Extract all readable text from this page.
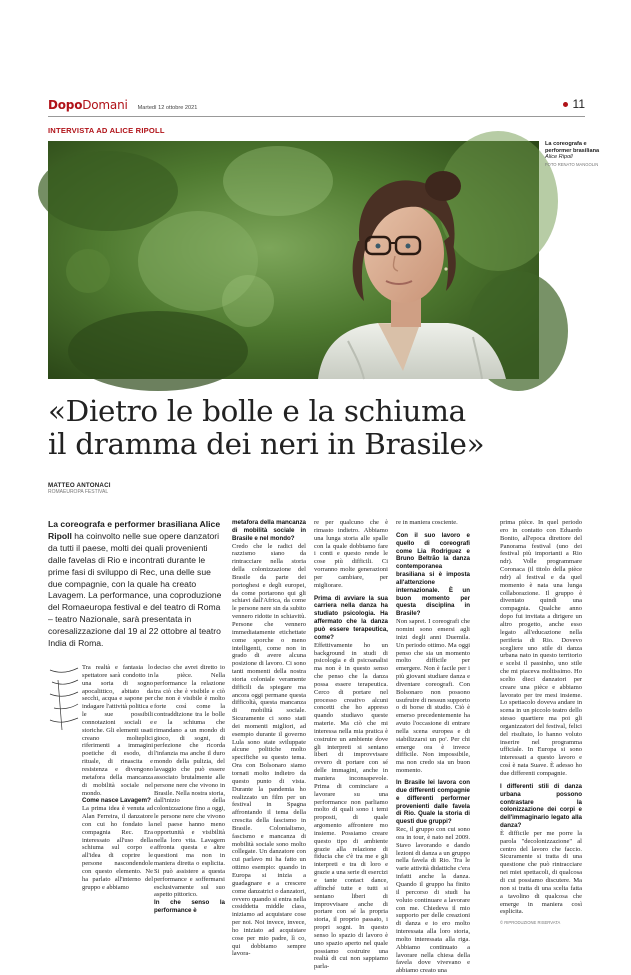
DopoDomani Martedì 12 ottobre 2021	11
INTERVISTA AD ALICE RIPOLL
La coreografa e performer brasiliana
Alice Ripoll
FOTO RENATO MANGOLIN
«Dietro le bolle e la schiuma
il dramma dei neri in Brasile»
MATTEO ANTONACI
ROMAEUROPA FESTIVAL

La coreografa e performer brasiliana Alice Ripoll ha coinvolto nelle sue opere danzatori da tutti il paese, molti dei quali provenienti dalle favelas di Rio e incontrati durante le prime fasi di sviluppo di Rec, una delle sue due compagnie, con la quale ha creato Lavagem. La performance, una coproduzione del Romaeuropa festival e del teatro di Roma – teatro Nazionale, sarà presentata in coresalizzazione dal 19 al 22 ottobre al teatro India di Roma.

Tra realtà e fantasia lo spettatore sarà condotto in una sorta di sogno apocalittico, abitato da secchi, acqua e sapone per indagare l'attività politica e le sue possibili connotazioni sociali e storiche. Gli elementi usati creano molteplici riferimenti a immagini poetiche di esodo, di rituale, di rinascita e resistenza e divengono metafora della mancanza di mobilità sociale nel mondo.

Come nasce Lavagem?

La prima idea è venuta ad Alan Ferreira, il danzatore con cui ho fondato la compagnia Rec. Era interessato all'uso della schiuma sul corpo e all'idea di coprire le persone nascondendole con questo elemento. Ne ha parlato all'interno del gruppo e abbiamo

deciso che avrei diretto io la pièce. Nella performance la relazione tra ciò che è visibile e ciò che non è visibile è molto forte così come la contraddizione tra le bolle e la schiuma che rimandano a un mondo di gioco, di sogni, di perfezione che ricorda l'infanzia ma anche il duro mondo della pulizia, del lavaggio che può essere associato brutalmente alle persone nere che vivono in Brasile. Nella nostra storia, dall'inizio della colonizzazione fino a oggi, le persone nere che vivono nel paese hanno meno opportunità e visibilità nella loro vita. Lavagem affronta questa e altre questioni ma non in maniera diretta o esplicita. Si può assistere a questa performance e soffermarsi esclusivamente sul suo aspetto pittorico.

In che senso la performance è

metafora della mancanza di mobilità sociale in Brasile e nel mondo?

Credo che le radici del razzismo siano da rintracciare nella storia della colonizzazione del Brasile da parte dei portoghesi e degli europei, da come portarono qui gli schiavi dall'Africa, da come le persone nere sin da subito vennero ridotte in schiavitù. Persone che vennero immediatamente etichettate come sporche o meno intelligenti, come non in grado di avere alcuna posizione di lavoro. Ci sono tanti momenti della nostra storia coloniale veramente difficili da spiegare ma ancora oggi permane questa difficoltà, questa mancanza di mobilità sociale. Sicuramente ci sono stati dei momenti migliori, ad esempio durante il governo Lula sono state sviluppate alcune politiche molto specifiche su questo tema. Ora con Bolsonaro siamo tornati molto indietro da questo punto di vista. Durante la pandemia ho realizzato un film per un festival in Spagna affrontando il tema della crescita della fascismo in Brasile. Colonialismo, fascismo e mancanza di mobilità sociale sono molto collegate. Un danzatore con cui parlavo mi ha fatto un ottimo esempio: quando in Europa si inizia a guadagnare e a crescere come danzatrici o danzatori, ovvero quando si entra nella cosiddetta middle class, iniziamo ad acquistare cose per noi. Noi invece, invece, ho iniziato ad acquistare cose per mio padre, lì co, qui dobbiamo sempre lavora-

re per qualcuno che è rimasto indietro. Abbiamo una lunga storia alle spalle con la quale dobbiamo fare i conti e questo rende le cose più difficili. Ci vorranno molte generazioni per cambiare, per migliorare.

Prima di avviare la sua carriera nella danza ha studiato psicologia. Ha affermato che la danza può essere terapeutica, come?

Effettivamente ho un background in studi di psicologia e di psicoanalisi ma non è in questo senso che penso che la danza possa essere terapeutica. Cerco di portare nel processo creativo alcuni concetti che ho appreso quando studiavo queste materie. Ma ciò che mi interessa nella mia pratica è costruire un ambiente dove gli interpreti si sentano liberi di improvvisare ovvero di portare con sé delle immagini, anche in maniera inconsapevole. Prima di cominciare a lavorare su una performance non parliamo molto di quali sono i temi proposti, di quale argomento affrontere mo insieme. Possiamo creare questo tipo di ambiente grazie alla relazione di fiducia che c'è tra me e gli interpreti e tra di loro e grazie a una serie di esercizi e tante contact dance, affinché tutte e tutti si sentano liberi di improvvisare anche di portare con sé la propria storia, il proprio passato, i propri sogni. In questo senso lo spazio di lavoro è uno spazio aperto nel quale possiamo costruire una realtà di cui non sappiamo parla-

re in maniera cosciente.

Con il suo lavoro e quello di coreografi come Lia Rodriguez e Bruno Beltrão la danza contemporanea brasiliana si è imposta all'attenzione internazionale. È un buon momento per questa disciplina in Brasile?

Non saprei. I coreografi che nomini sono emersi agli inizi degli anni Duemila. Un periodo ottimo. Ma oggi penso che sia un momento molto difficile per emergere. Non è facile per i più giovani studiare danza e diventare coreografi. Con Bolsonaro non possono usufruire di nessun supporto o di borse di studio. Ciò è emerso precedentemente ha avuto l'occasione di entrare nella scena europea e di stabilizzarsi un po'. Per chi emerge ora è invece difficile. Non impossibile, ma non credo sia un buon momento.

In Brasile lei lavora con due differenti compagnie e differenti performer provenienti dalle favela di Rio. Quale la storia di questi due gruppi?

Rec, il gruppo con cui sono ora in tour, è nato nel 2009. Stavo lavorando e dando lezioni di danza a un gruppo nella favela di Rio. Tra le varie attività didattiche c'era infatti anche la danza. Quando il gruppo ha finito il percorso di studi ha voluto continuare a lavorare con me. Chiedeva il mio supporto per delle creazioni di danza e io ero molto interessata alla loro storia, molto interessata alla riga. Abbiamo continuato a lavorare nella chiesa della favela dove vivevano e abbiamo creato una

prima pièce. In quel periodo ero in contatto con Eduardo Bonito, all'epoca direttore del Panorama festival (uno dei festival più importanti a Rio ndr). Volle programmare Coronaca (il titolo della pièce ndr) al festival e da quel momento è nata una lunga collaborazione. Il gruppo è diventato quindi una compagnia. Qualche anno dopo fui invitata a dirigere un altro progetto, anche esso legato all'educazione nella periferia di Rio. Dovevo scegliere uno stile di danza urbana nato in questo territorio e scelsi il passinho, uno stile che mi piaceva moltissimo. Ho scelto dieci danzatori per creare una pièce e abbiamo lavorato per tre mesi insieme. Lo spettacolo doveva andare in scena in un piccolo teatro dello stesso quartiere ma poi gli organizzatori del festival, felici del risultato, lo hanno voluto inserire nel programma ufficiale. In Europa si sono interessati a questo lavoro e così è nata Suave. È adesso ho due differenti compagnie.

I differenti stili di danza urbana possono contrastare la colonizzazione dei corpi e dell'immaginario legato alla danza?

È difficile per me porre la parola "decolonizzazione" al centro del lavoro che faccio. Sicuramente si tratta di una questione che può rintracciare nei miei spettacoli, di qualcosa di cui possiamo discutere. Ma non si tratta di una scelta fatta a tavolino di qualcosa che emerge in maniera così esplicita.

© RIPRODUZIONE RISERVATA
